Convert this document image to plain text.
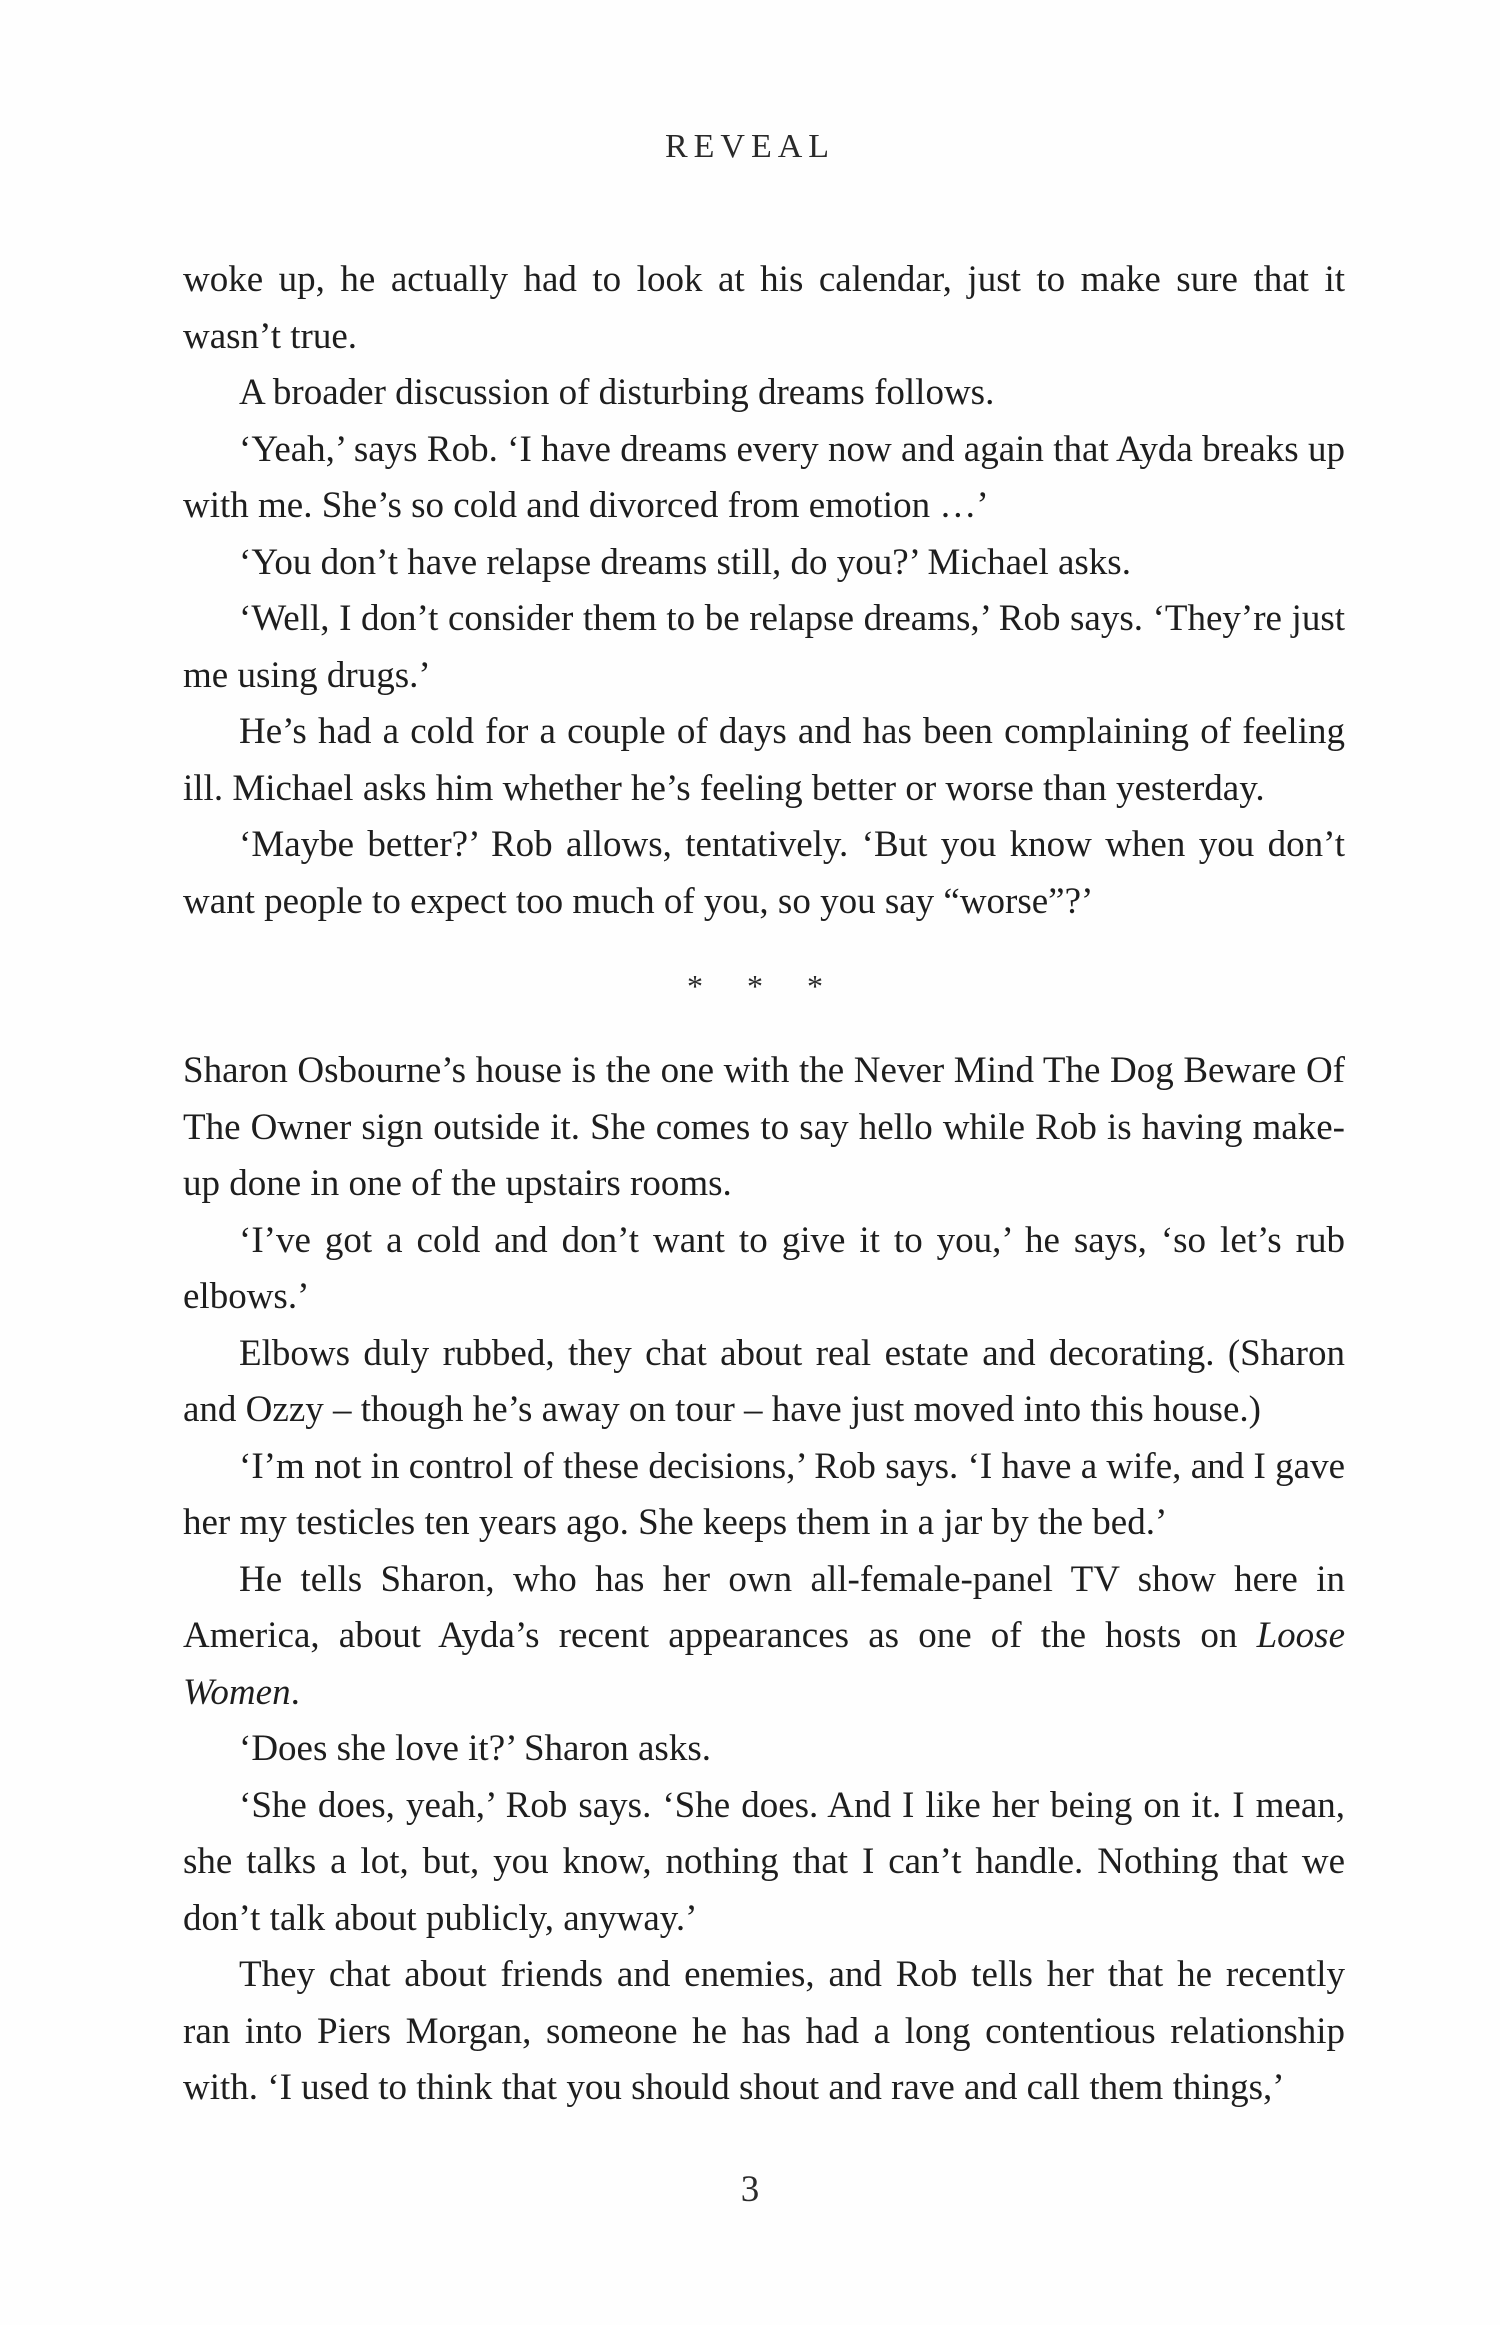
REVEAL

woke up, he actually had to look at his calendar, just to make sure that it wasn’t true.

A broader discussion of disturbing dreams follows.

‘Yeah,’ says Rob. ‘I have dreams every now and again that Ayda breaks up with me. She’s so cold and divorced from emotion …’

‘You don’t have relapse dreams still, do you?’ Michael asks.

‘Well, I don’t consider them to be relapse dreams,’ Rob says. ‘They’re just me using drugs.’

He’s had a cold for a couple of days and has been complaining of feeling ill. Michael asks him whether he’s feeling better or worse than yesterday.

‘Maybe better?’ Rob allows, tentatively. ‘But you know when you don’t want people to expect too much of you, so you say “worse”?’

* * *

Sharon Osbourne’s house is the one with the Never Mind The Dog Beware Of The Owner sign outside it. She comes to say hello while Rob is having make-up done in one of the upstairs rooms.

‘I’ve got a cold and don’t want to give it to you,’ he says, ‘so let’s rub elbows.’

Elbows duly rubbed, they chat about real estate and decorating. (Sharon and Ozzy – though he’s away on tour – have just moved into this house.)

‘I’m not in control of these decisions,’ Rob says. ‘I have a wife, and I gave her my testicles ten years ago. She keeps them in a jar by the bed.’

He tells Sharon, who has her own all-female-panel TV show here in America, about Ayda’s recent appearances as one of the hosts on Loose Women.

‘Does she love it?’ Sharon asks.

‘She does, yeah,’ Rob says. ‘She does. And I like her being on it. I mean, she talks a lot, but, you know, nothing that I can’t handle. Nothing that we don’t talk about publicly, anyway.’

They chat about friends and enemies, and Rob tells her that he recently ran into Piers Morgan, someone he has had a long contentious relationship with. ‘I used to think that you should shout and rave and call them things,’

3
